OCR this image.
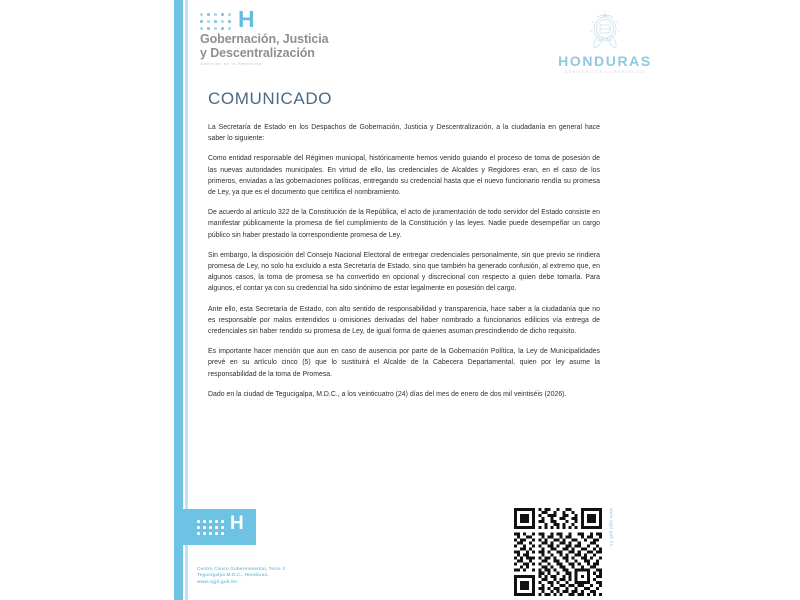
H
Gobernación, Justicia
y Descentralización
Gobierno de la República	HONDURAS
GOBIERNO DE LA REPÚBLICA
COMUNICADO

La Secretaría de Estado en los Despachos de Gobernación, Justicia y Descentralización, a la ciudadanía en general hace saber lo siguiente:

Como entidad responsable del Régimen municipal, históricamente hemos venido guiando el proceso de toma de posesión de las nuevas autoridades municipales. En virtud de ello, las credenciales de Alcaldes y Regidores eran, en el caso de los primeros, enviadas a las gobernaciones políticas, entregando su credencial hasta que el nuevo funcionario rendía su promesa de Ley, ya que es el documento que certifica el nombramiento.

De acuerdo al artículo 322 de la Constitución de la República, el acto de juramentación de todo servidor del Estado consiste en manifestar públicamente la promesa de fiel cumplimiento de la Constitución y las leyes. Nadie puede desempeñar un cargo público sin haber prestado la correspondiente promesa de Ley.

Sin embargo, la disposición del Consejo Nacional Electoral de entregar credenciales personalmente, sin que previo se rindiera promesa de Ley, no solo ha excluido a esta Secretaría de Estado, sino que también ha generado confusión, al extremo que, en algunos casos, la toma de promesa se ha convertido en opcional y discrecional con respecto a quien debe tomarla. Para algunos, el contar ya con su credencial ha sido sinónimo de estar legalmente en posesión del cargo.

Ante ello, esta Secretaría de Estado, con alto sentido de responsabilidad y transparencia, hace saber a la ciudadanía que no es responsable por malos entendidos u omisiones derivadas del haber nombrado a funcionarios edilicios vía entrega de credenciales sin haber rendido su promesa de Ley, de igual forma de quienes asuman prescindiendo de dicho requisito.

Es importante hacer mención que aun en caso de ausencia por parte de la Gobernación Política, la Ley de Municipalidades prevé en su artículo cinco (5) que lo sustituirá el Alcalde de la Cabecera Departamental, quien por ley asume la responsabilidad de la toma de Promesa.

Dado en la ciudad de Tegucigalpa, M.D.C., a los veinticuatro (24) días del mes de enero de dos mil veintiséis (2026).

H
Centro Cívico Gubernamental, Torre 2
Tegucigalpa M.D.C., Honduras.
www.sgjd.gob.hn
www.sgjd.gob.hn
